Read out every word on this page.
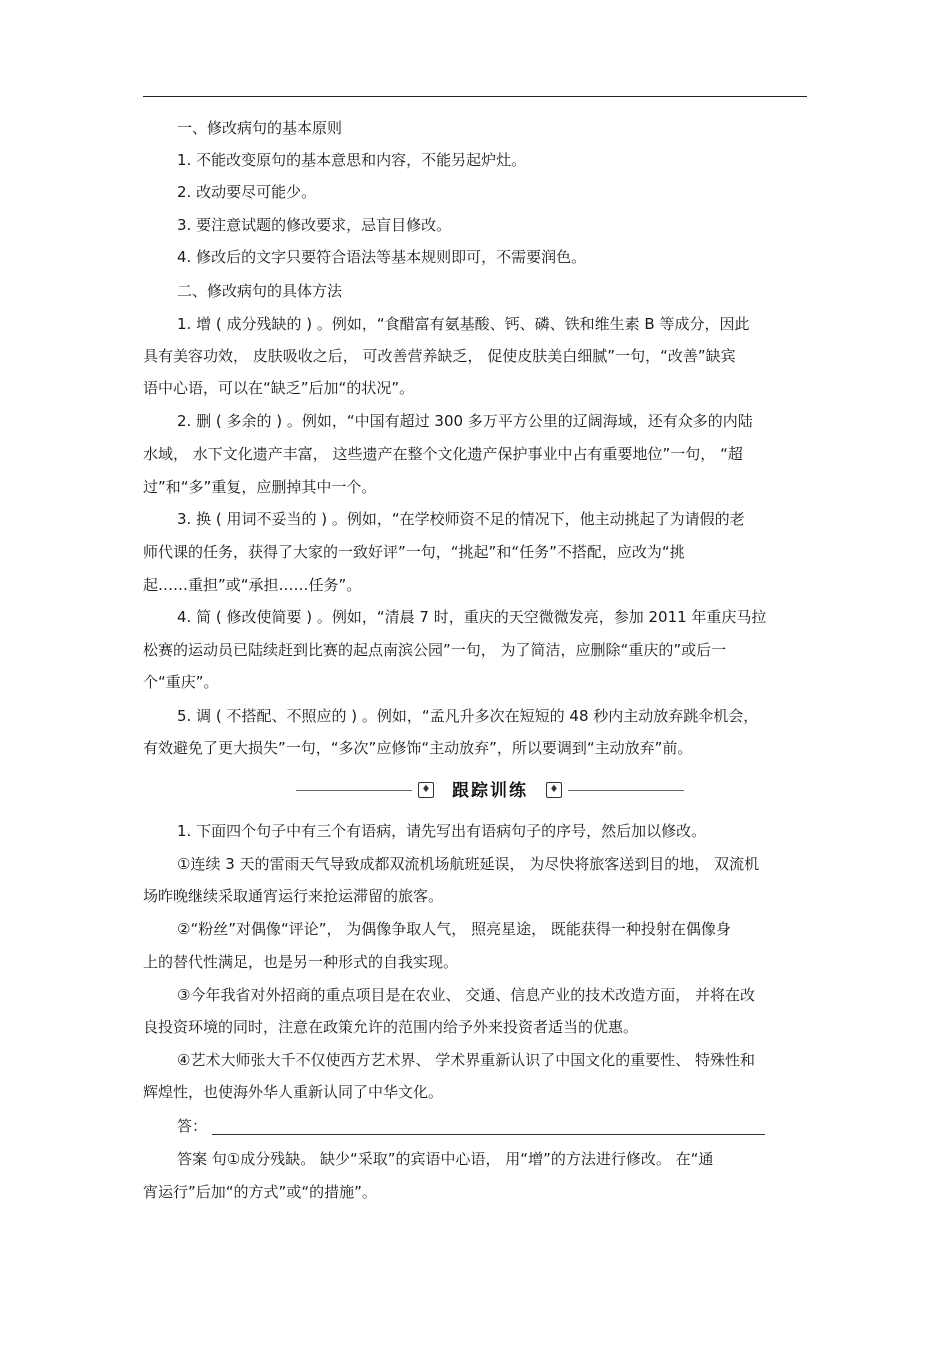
一、修改病句的基本原则
1. 不能改变原句的基本意思和内容，不能另起炉灶。
2. 改动要尽可能少。
3. 要注意试题的修改要求，忌盲目修改。
4. 修改后的文字只要符合语法等基本规则即可，不需要润色。
二、修改病句的具体方法
1. 增 ( 成分残缺的 ) 。例如，“食醋富有氨基酸、钙、磷、铁和维生素 B 等成分，因此
具有美容功效， 皮肤吸收之后， 可改善营养缺乏， 促使皮肤美白细腻”一句，“改善”缺宾
语中心语，可以在“缺乏”后加“的状况”。
2. 删 ( 多余的 ) 。例如，“中国有超过 300 多万平方公里的辽阔海域，还有众多的内陆
水域， 水下文化遗产丰富， 这些遗产在整个文化遗产保护事业中占有重要地位”一句， “超
过”和“多”重复，应删掉其中一个。
3. 换 ( 用词不妥当的 ) 。例如，“在学校师资不足的情况下，他主动挑起了为请假的老
师代课的任务，获得了大家的一致好评”一句，“挑起”和“任务”不搭配，应改为“挑
起……重担”或“承担……任务”。
4. 简 ( 修改使简要 ) 。例如，“清晨 7 时，重庆的天空微微发亮，参加 2011 年重庆马拉
松赛的运动员已陆续赶到比赛的起点南滨公园”一句， 为了简洁，应删除“重庆的”或后一
个“重庆”。
5. 调 ( 不搭配、不照应的 ) 。例如，“孟凡升多次在短短的 48 秒内主动放弃跳伞机会，
有效避免了更大损失”一句，“多次”应修饰“主动放弃”，所以要调到“主动放弃”前。
♦	跟踪训练	♦
1. 下面四个句子中有三个有语病，请先写出有语病句子的序号，然后加以修改。
①连续 3 天的雷雨天气导致成都双流机场航班延误， 为尽快将旅客送到目的地， 双流机
场昨晚继续采取通宵运行来抢运滞留的旅客。
②“粉丝”对偶像“评论”， 为偶像争取人气， 照亮星途， 既能获得一种投射在偶像身
上的替代性满足，也是另一种形式的自我实现。
③今年我省对外招商的重点项目是在农业、 交通、信息产业的技术改造方面， 并将在改
良投资环境的同时，注意在政策允许的范围内给予外来投资者适当的优惠。
④艺术大师张大千不仅使西方艺术界、 学术界重新认识了中国文化的重要性、 特殊性和
辉煌性，也使海外华人重新认同了中华文化。
答：
答案 句①成分残缺。 缺少“采取”的宾语中心语， 用“增”的方法进行修改。 在“通
宵运行”后加“的方式”或“的措施”。
